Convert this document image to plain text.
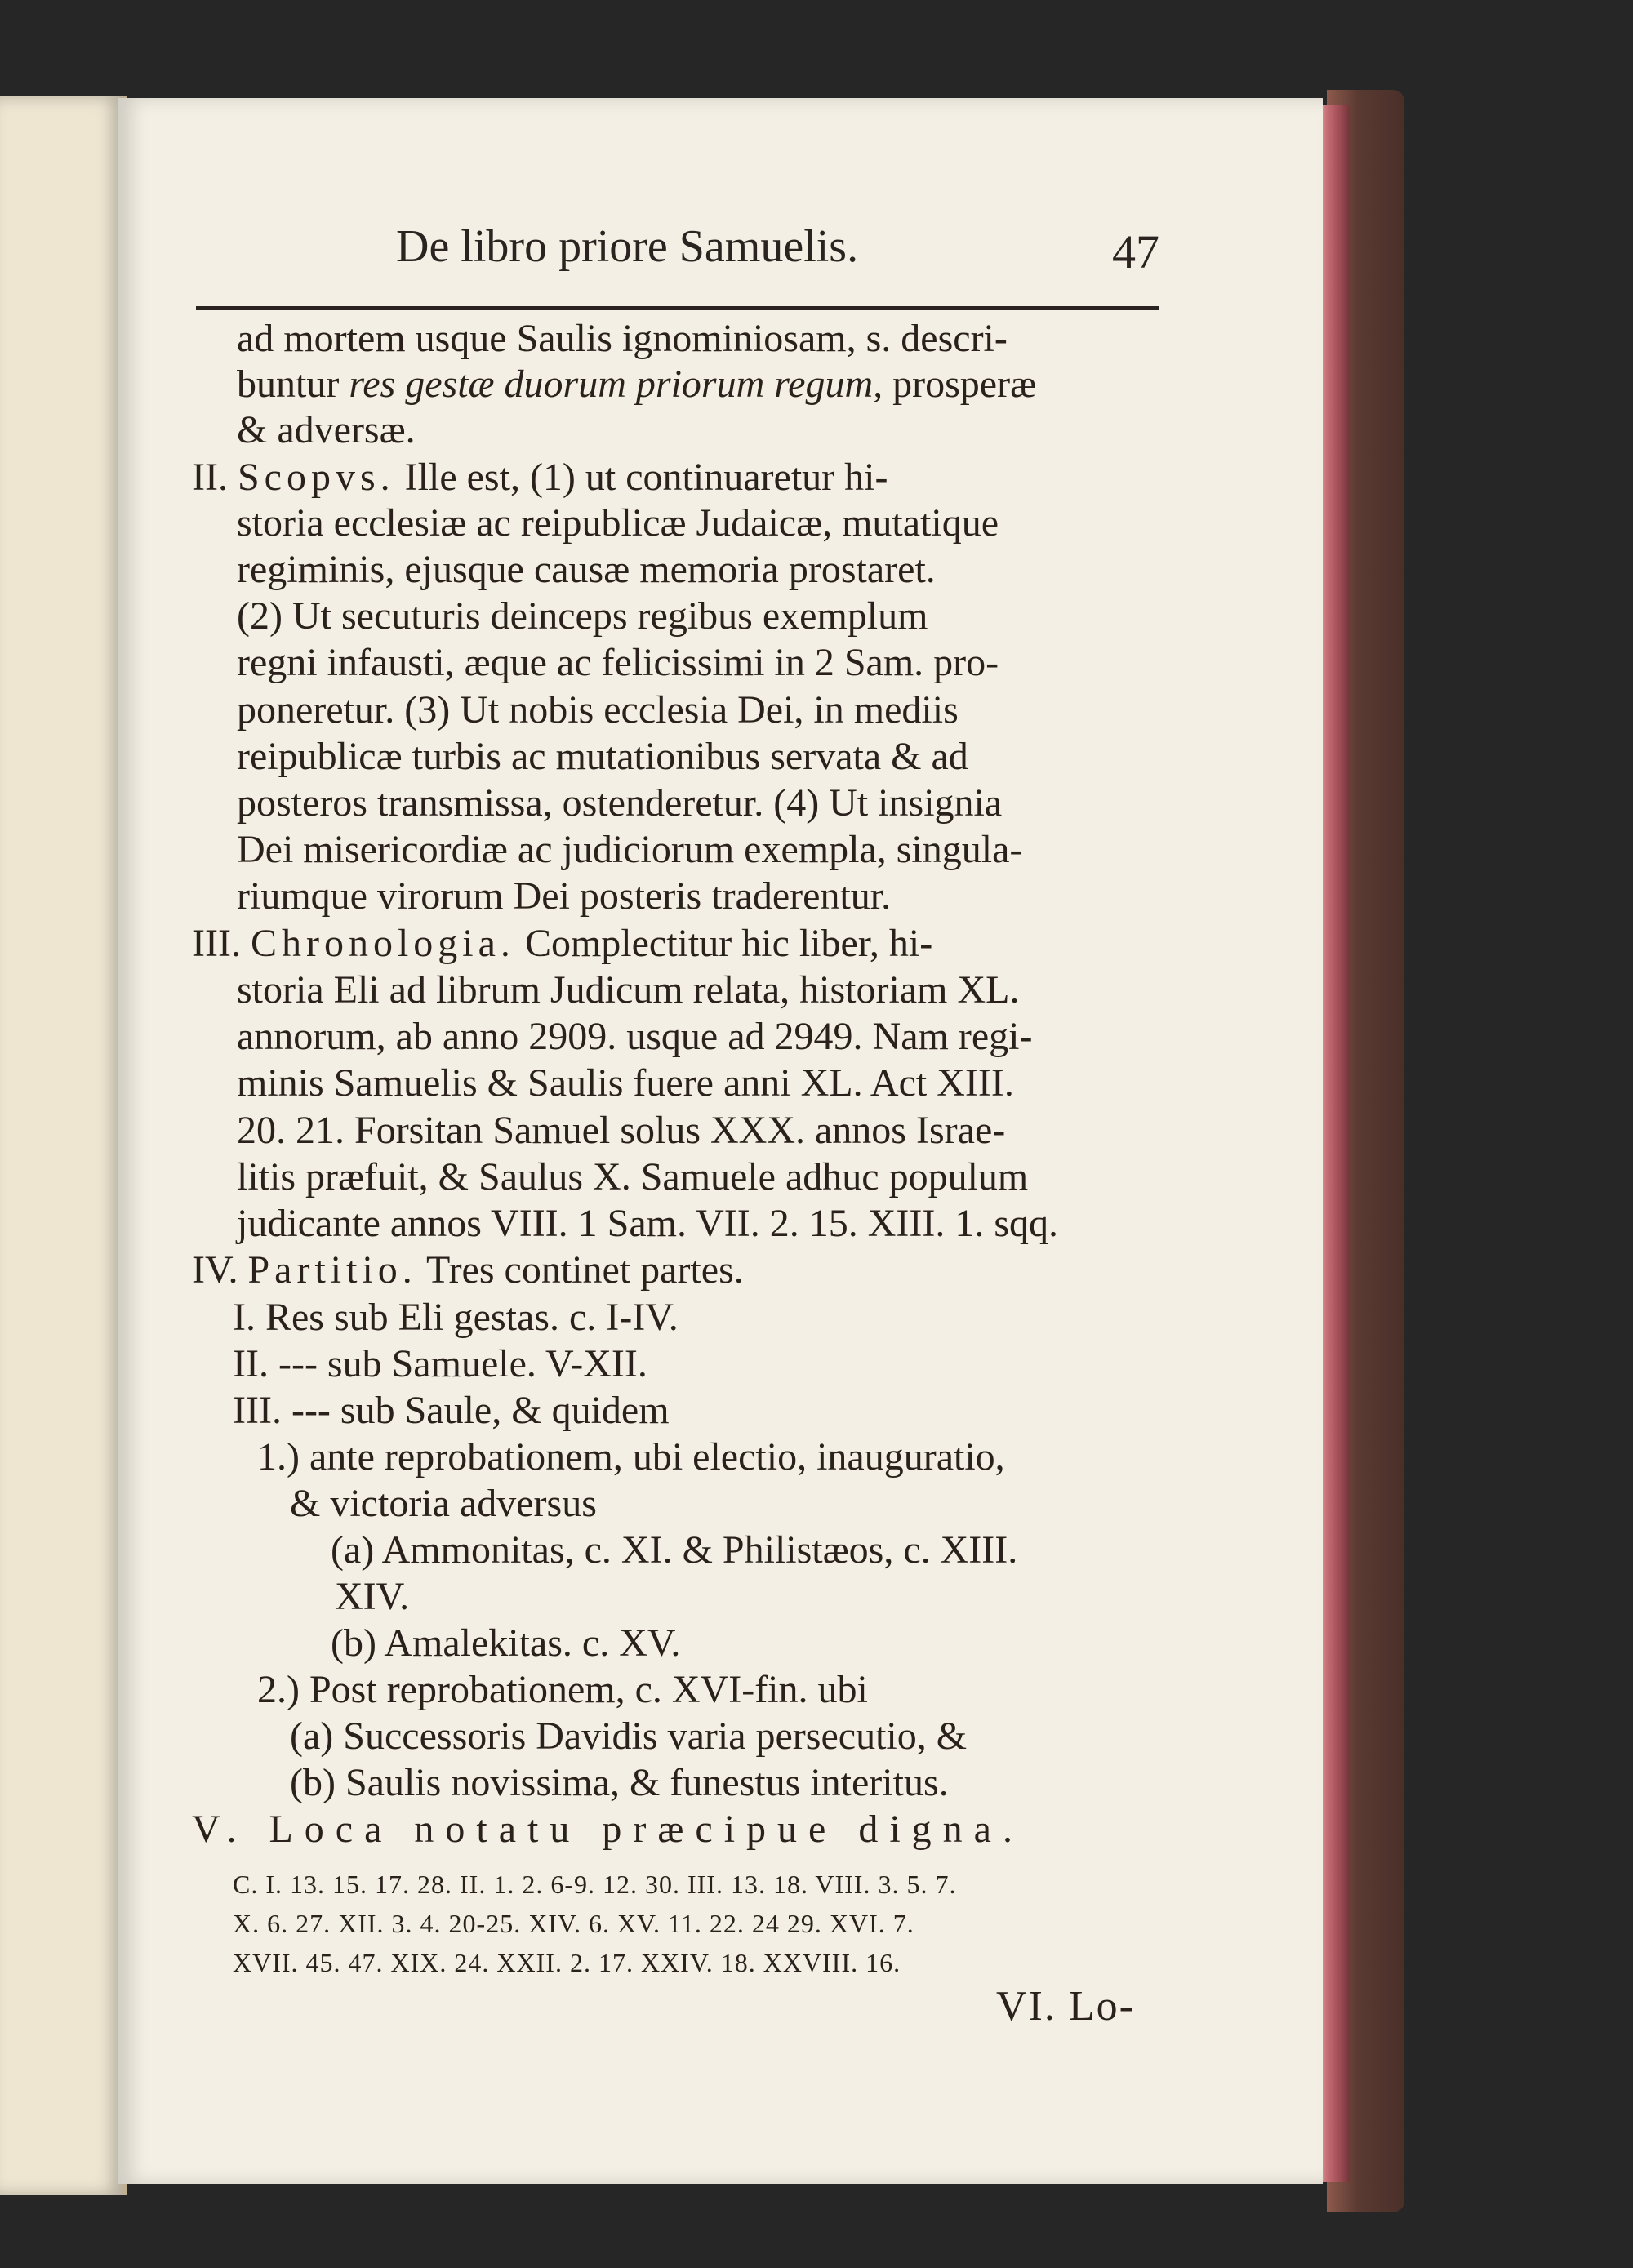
De libro priore Samuelis.	47
ad mortem usque Saulis ignominiosam, s. descri-
buntur res gestæ duorum priorum regum, prosperæ
& adversæ.
II. Scopvs. Ille est, (1) ut continuaretur hi-
storia ecclesiæ ac reipublicæ Judaicæ, mutatique
regiminis, ejusque causæ memoria prostaret.
(2) Ut secuturis deinceps regibus exemplum
regni infausti, æque ac felicissimi in 2 Sam. pro-
poneretur. (3) Ut nobis ecclesia Dei, in mediis
reipublicæ turbis ac mutationibus servata & ad
posteros transmissa, ostenderetur. (4) Ut insignia
Dei misericordiæ ac judiciorum exempla, singula-
riumque virorum Dei posteris traderentur.
III. Chronologia. Complectitur hic liber, hi-
storia Eli ad librum Judicum relata, historiam XL.
annorum, ab anno 2909. usque ad 2949. Nam regi-
minis Samuelis & Saulis fuere anni XL. Act XIII.
20. 21. Forsitan Samuel solus XXX. annos Israe-
litis præfuit, & Saulus X. Samuele adhuc populum
judicante annos VIII. 1 Sam. VII. 2. 15. XIII. 1. sqq.
IV. Partitio. Tres continet partes.
I. Res sub Eli gestas. c. I-IV.
II. --- sub Samuele. V-XII.
III. --- sub Saule, & quidem
1.) ante reprobationem, ubi electio, inauguratio,
& victoria adversus
(a) Ammonitas, c. XI. & Philistæos, c. XIII.
XIV.
(b) Amalekitas. c. XV.
2.) Post reprobationem, c. XVI-fin. ubi
(a) Successoris Davidis varia persecutio, &
(b) Saulis novissima, & funestus interitus.
V. Loca notatu præcipue digna.
C. I. 13. 15. 17. 28. II. 1. 2. 6-9. 12. 30. III. 13. 18. VIII. 3. 5. 7.
X. 6. 27. XII. 3. 4. 20-25. XIV. 6. XV. 11. 22. 24 29. XVI. 7.
XVII. 45. 47. XIX. 24. XXII. 2. 17. XXIV. 18. XXVIII. 16.
VI. Lo-
